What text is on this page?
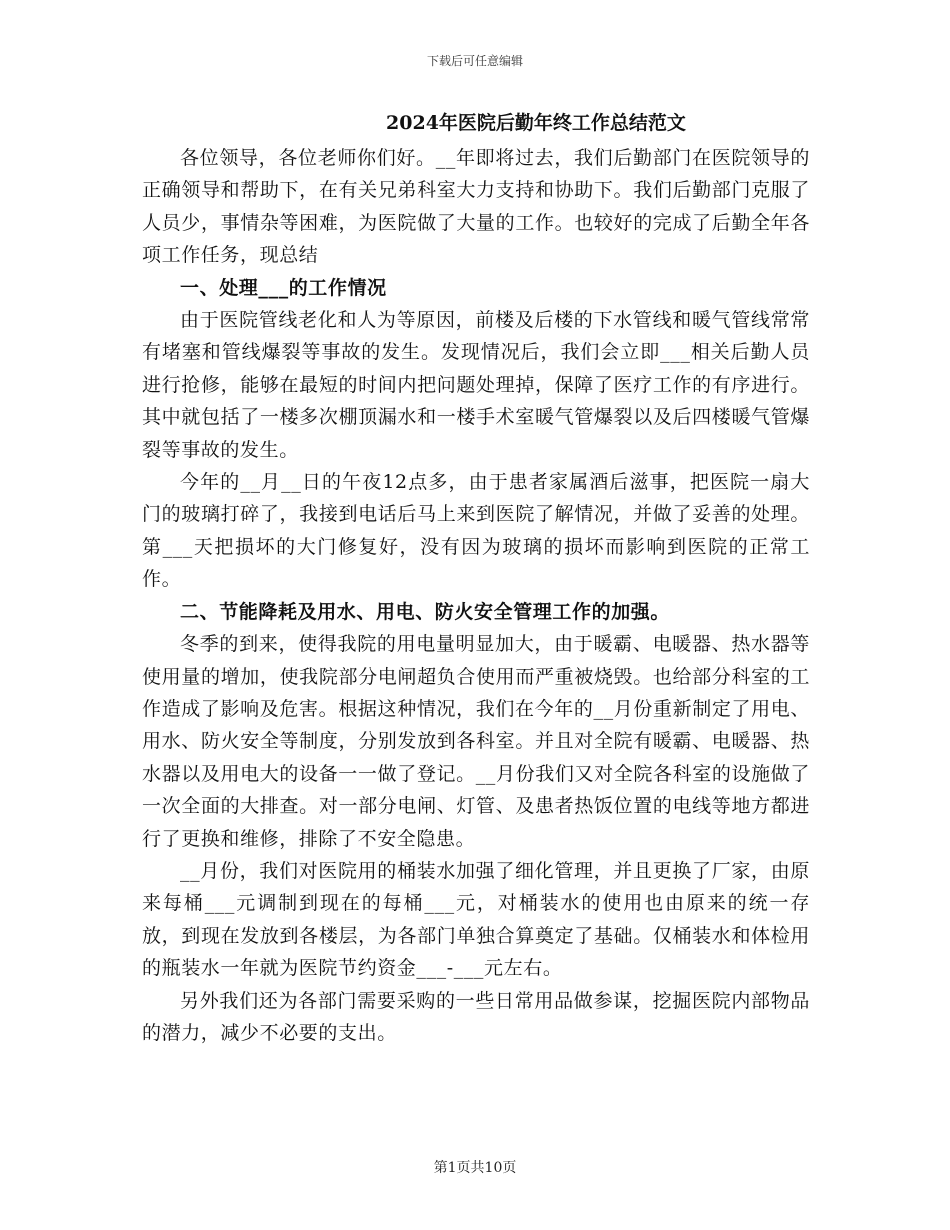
下载后可任意编辑
2024年医院后勤年终工作总结范文

各位领导，各位老师你们好。__年即将过去，我们后勤部门在医院领导的正确领导和帮助下，在有关兄弟科室大力支持和协助下。我们后勤部门克服了人员少，事情杂等困难，为医院做了大量的工作。也较好的完成了后勤全年各项工作任务，现总结

一、处理___的工作情况

由于医院管线老化和人为等原因，前楼及后楼的下水管线和暖气管线常常有堵塞和管线爆裂等事故的发生。发现情况后，我们会立即___相关后勤人员进行抢修，能够在最短的时间内把问题处理掉，保障了医疗工作的有序进行。其中就包括了一楼多次棚顶漏水和一楼手术室暖气管爆裂以及后四楼暖气管爆裂等事故的发生。

今年的__月__日的午夜12点多，由于患者家属酒后滋事，把医院一扇大门的玻璃打碎了，我接到电话后马上来到医院了解情况，并做了妥善的处理。第___天把损坏的大门修复好，没有因为玻璃的损坏而影响到医院的正常工作。

二、节能降耗及用水、用电、防火安全管理工作的加强。

冬季的到来，使得我院的用电量明显加大，由于暖霸、电暖器、热水器等使用量的增加，使我院部分电闸超负合使用而严重被烧毁。也给部分科室的工作造成了影响及危害。根据这种情况，我们在今年的__月份重新制定了用电、用水、防火安全等制度，分别发放到各科室。并且对全院有暖霸、电暖器、热水器以及用电大的设备一一做了登记。__月份我们又对全院各科室的设施做了一次全面的大排查。对一部分电闸、灯管、及患者热饭位置的电线等地方都进行了更换和维修，排除了不安全隐患。

__月份，我们对医院用的桶装水加强了细化管理，并且更换了厂家，由原来每桶___元调制到现在的每桶___元，对桶装水的使用也由原来的统一存放，到现在发放到各楼层，为各部门单独合算奠定了基础。仅桶装水和体检用的瓶装水一年就为医院节约资金___-___元左右。

另外我们还为各部门需要采购的一些日常用品做参谋，挖掘医院内部物品的潜力，减少不必要的支出。

第1页共10页
